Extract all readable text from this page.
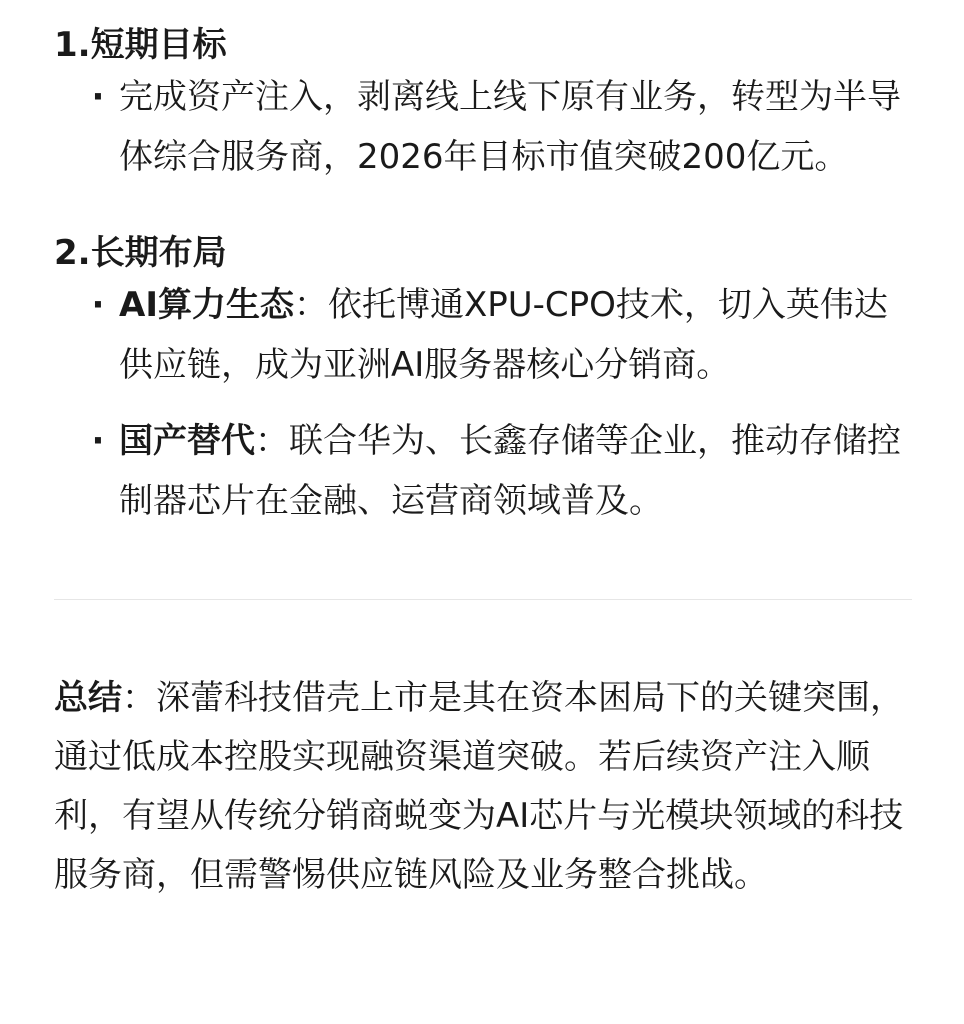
1.短期目标
· 完成资产注入，剥离线上线下原有业务，转型为半导体综合服务商，2026年目标市值突破200亿元。
2.长期布局
· AI算力生态：依托博通XPU-CPO技术，切入英伟达供应链，成为亚洲AI服务器核心分销商。
· 国产替代：联合华为、长鑫存储等企业，推动存储控制器芯片在金融、运营商领域普及。

总结：深蕾科技借壳上市是其在资本困局下的关键突围，通过低成本控股实现融资渠道突破。若后续资产注入顺利，有望从传统分销商蜕变为AI芯片与光模块领域的科技服务商，但需警惕供应链风险及业务整合挑战。
